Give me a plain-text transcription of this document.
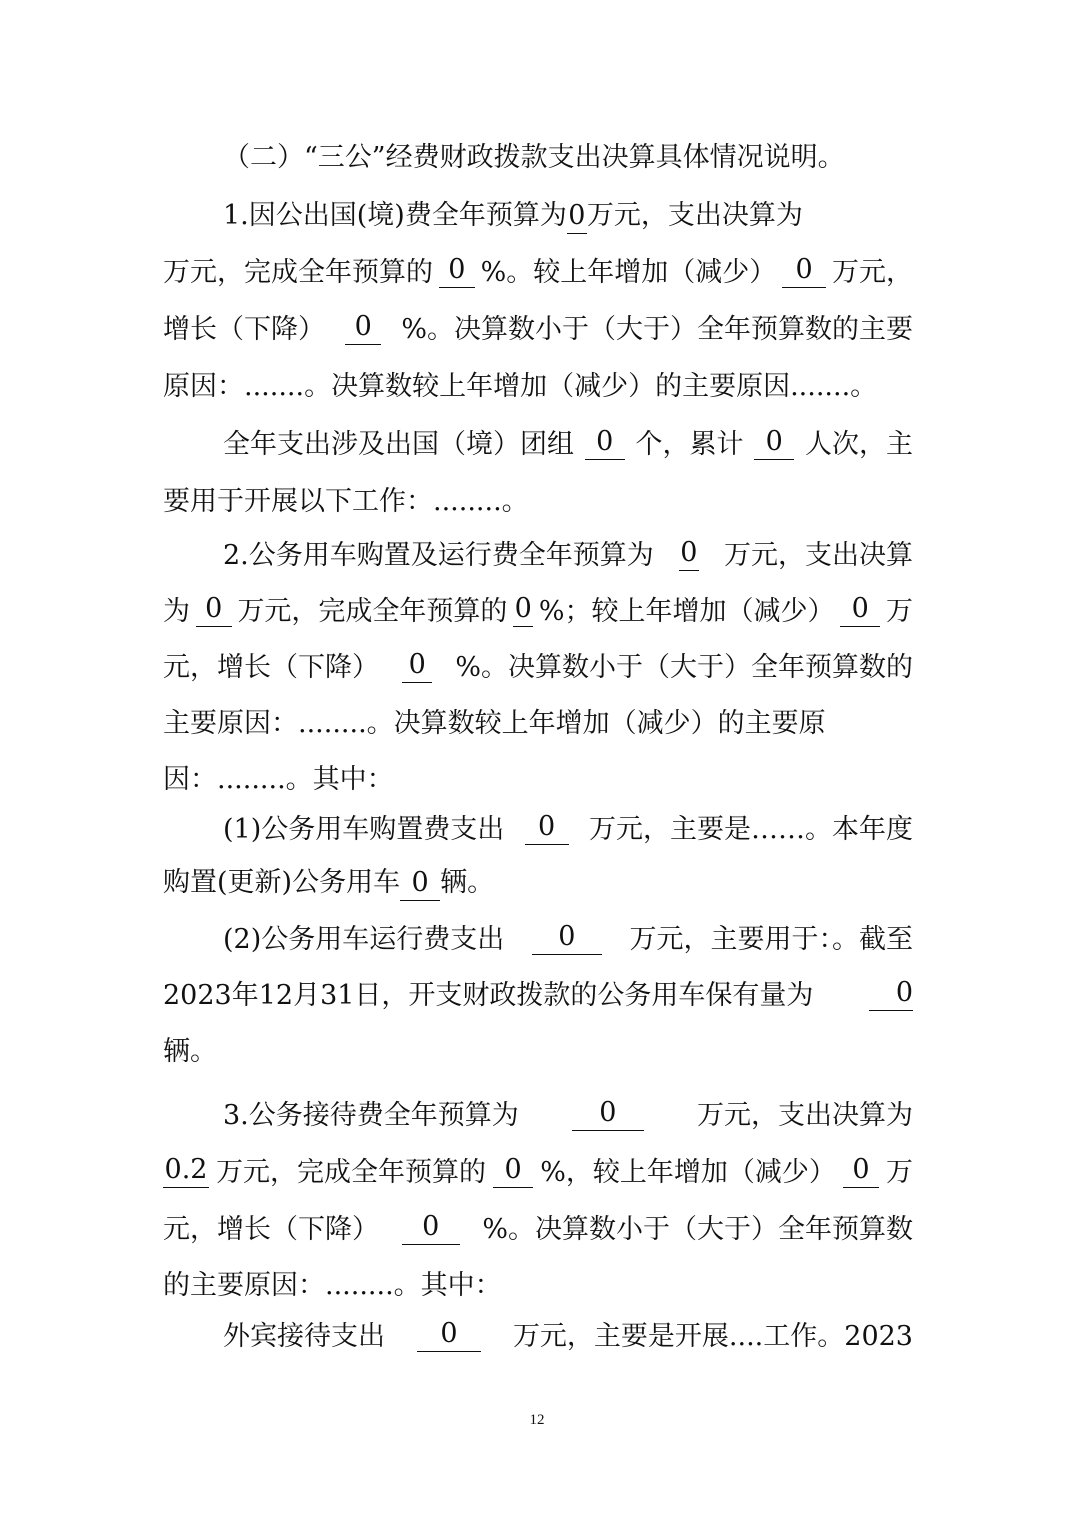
（二）“三公”经费财政拨款支出决算具体情况说明。
1.因公出国(境)费全年预算为0万元，支出决算为
万元，完成全年预算的 0 %。较上年增加（减少） 0 万元，
增长（下降）	0	%。决算数小于（大于）全年预算数的主要
原因：.......。决算数较上年增加（减少）的主要原因.......。
全年支出涉及出国（境）团组 0 个，累计 0 人次，主
要用于开展以下工作：........。
2.公务用车购置及运行费全年预算为 0 万元，支出决算
为 0 万元，完成全年预算的 0 %；较上年增加（减少） 0 万
元，增长（下降） 0 %。决算数小于（大于）全年预算数的
主要原因：........。决算数较上年增加（减少）的主要原
因：........。其中：
(1)公务用车购置费支出	0	万元，主要是……。本年度
购置(更新)公务用车 0 辆。
(2)公务用车运行费支出	0	万元，主要用于：。截至
2023年12月31日，开支财政拨款的公务用车保有量为	0
辆。
3.公务接待费全年预算为	0	万元，支出决算为
0.2 万元，完成全年预算的 0 %，较上年增加（减少） 0 万
元，增长（下降）	0	%。决算数小于（大于）全年预算数
的主要原因：........。其中：
外宾接待支出	0	万元，主要是开展....工作。2023
12
